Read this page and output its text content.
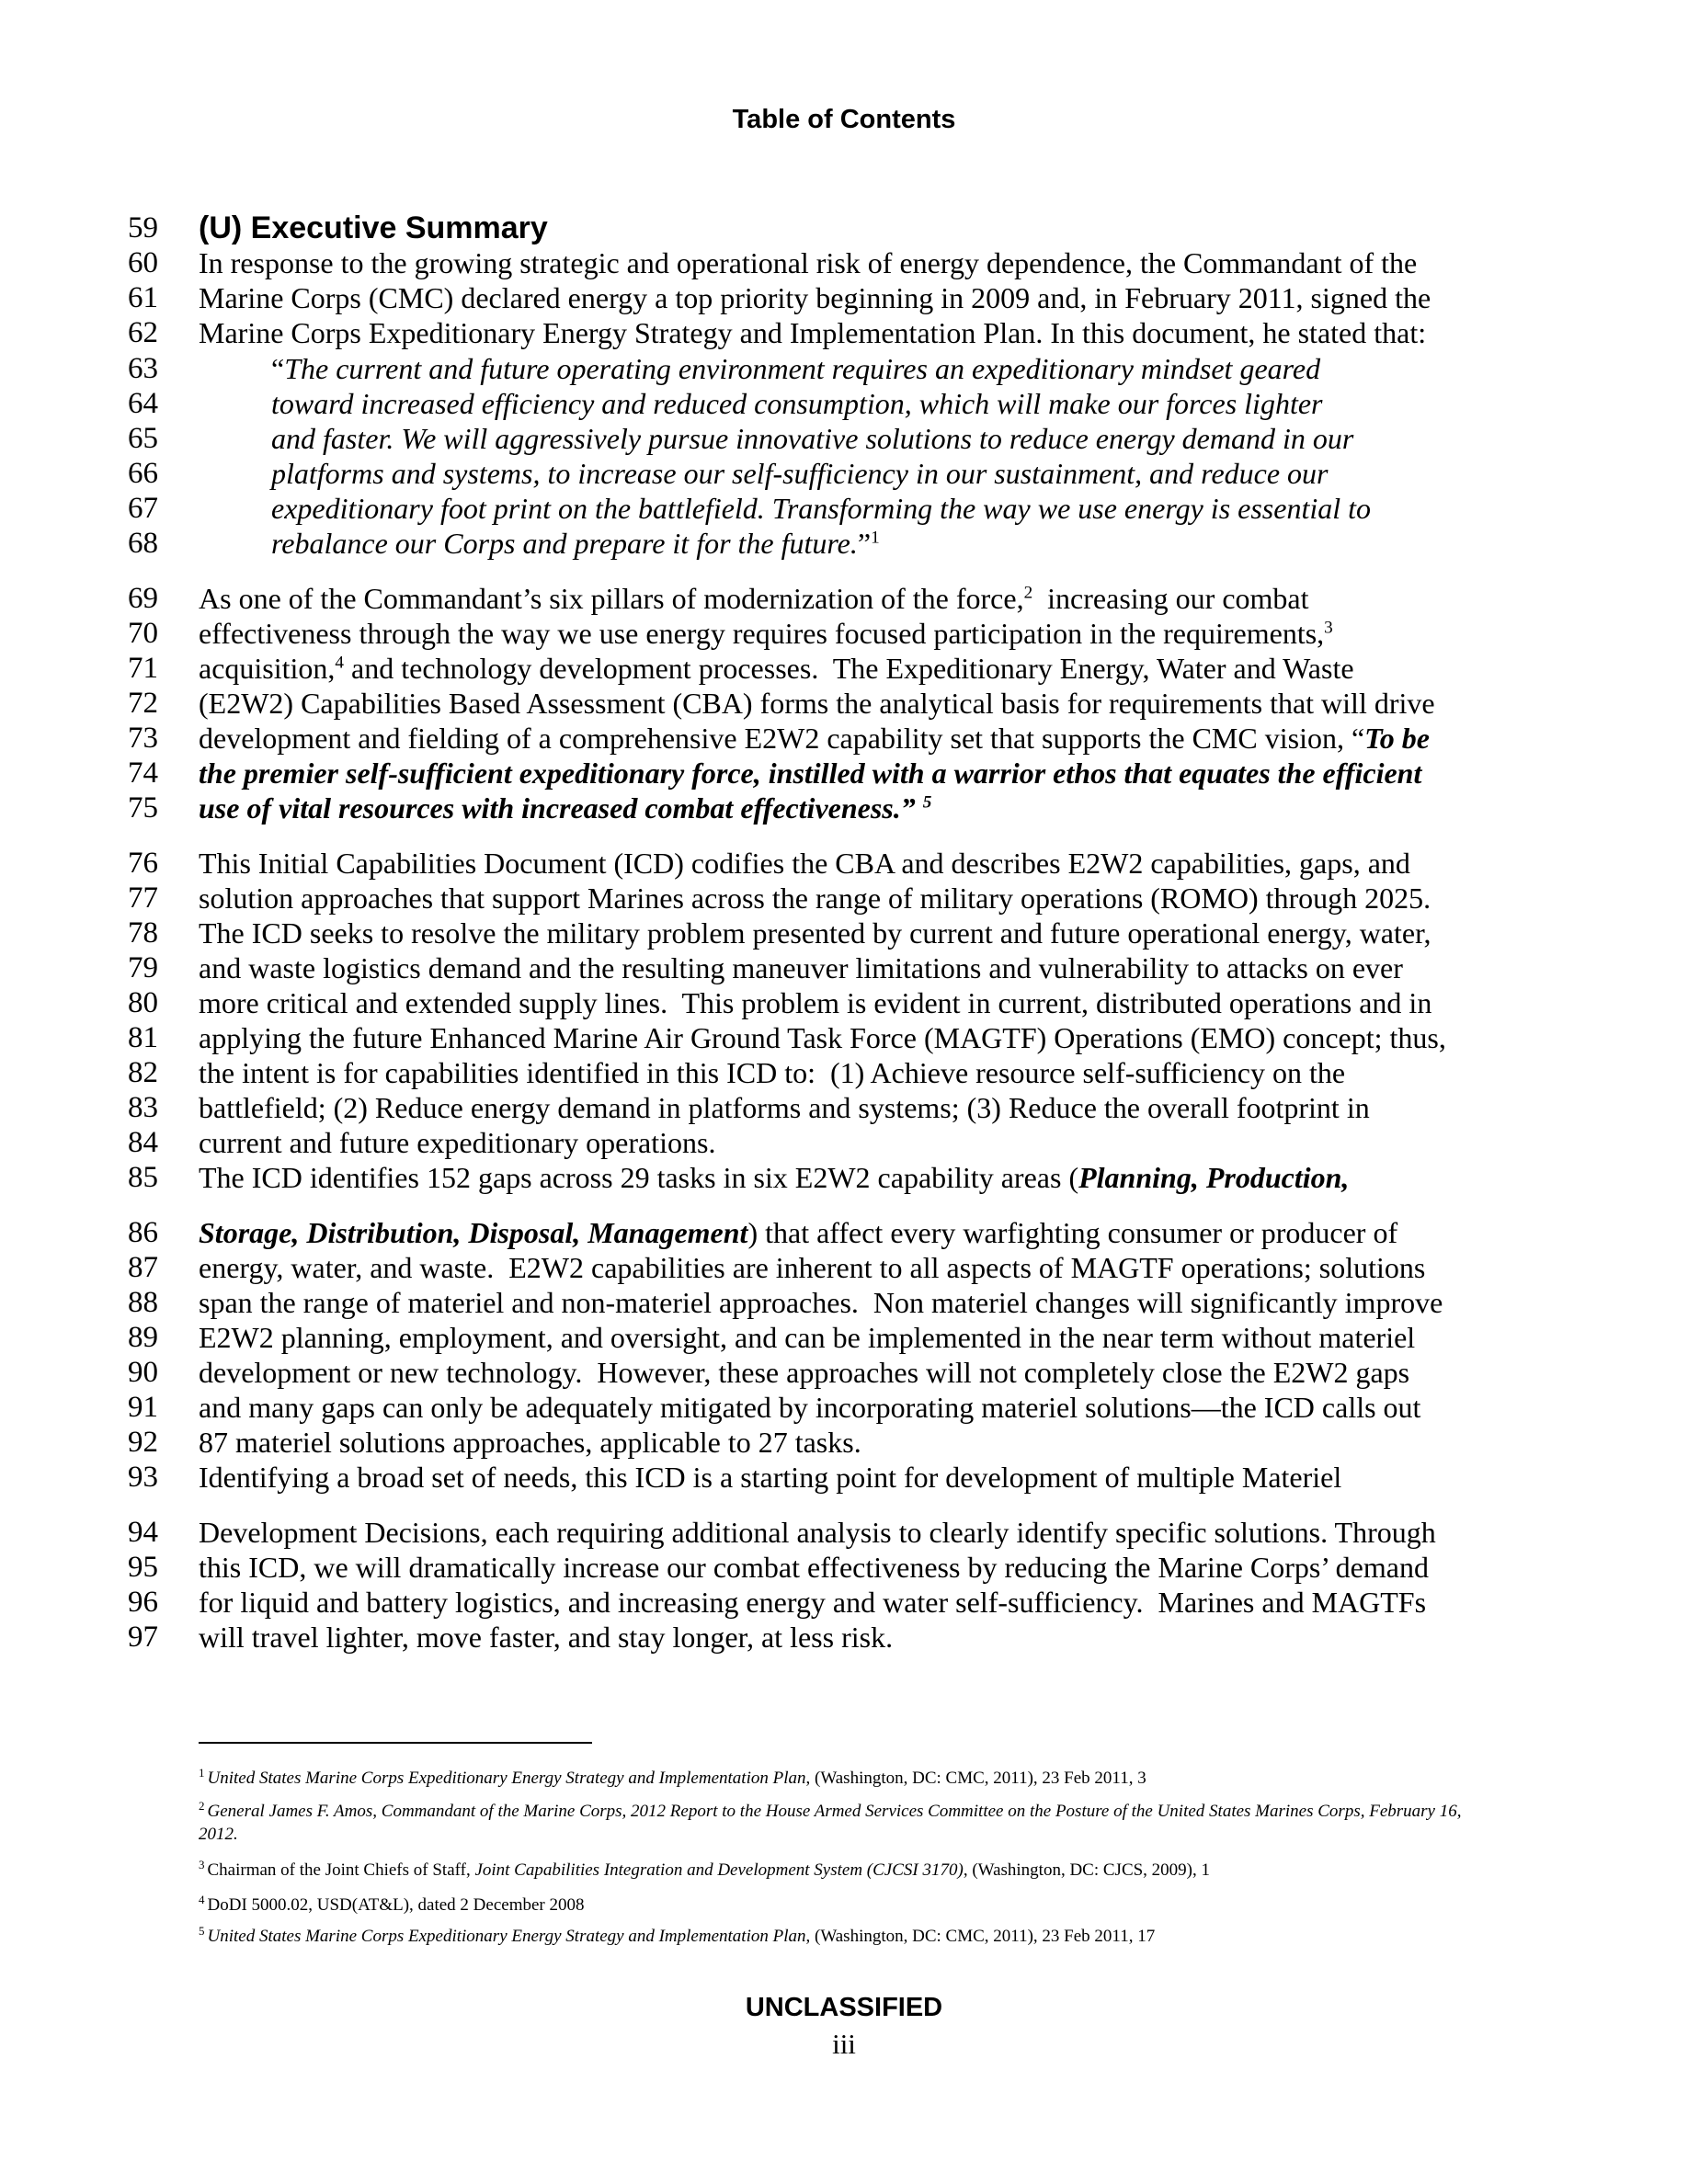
Table of Contents
59 (U) Executive Summary
60 In response to the growing strategic and operational risk of energy dependence, the Commandant of the
61 Marine Corps (CMC) declared energy a top priority beginning in 2009 and, in February 2011, signed the
62 Marine Corps Expeditionary Energy Strategy and Implementation Plan. In this document, he stated that:
63	“The current and future operating environment requires an expeditionary mindset geared
64	toward increased efficiency and reduced consumption, which will make our forces lighter
65	and faster. We will aggressively pursue innovative solutions to reduce energy demand in our
66	platforms and systems, to increase our self-sufficiency in our sustainment, and reduce our
67	expeditionary foot print on the battlefield. Transforming the way we use energy is essential to
68	rebalance our Corps and prepare it for the future.”$^1$
69 As one of the Commandant’s six pillars of modernization of the force,$^2$  increasing our combat
70 effectiveness through the way we use energy requires focused participation in the requirements,$^3$
71 acquisition,$^4$ and technology development processes.  The Expeditionary Energy, Water and Waste
72 (E2W2) Capabilities Based Assessment (CBA) forms the analytical basis for requirements that will drive
73 development and fielding of a comprehensive E2W2 capability set that supports the CMC vision, “To be
74 the premier self-sufficient expeditionary force, instilled with a warrior ethos that equates the efficient
75 use of vital resources with increased combat effectiveness.” $^5$
76 This Initial Capabilities Document (ICD) codifies the CBA and describes E2W2 capabilities, gaps, and
77 solution approaches that support Marines across the range of military operations (ROMO) through 2025.
78 The ICD seeks to resolve the military problem presented by current and future operational energy, water,
79 and waste logistics demand and the resulting maneuver limitations and vulnerability to attacks on ever
80 more critical and extended supply lines.  This problem is evident in current, distributed operations and in
81 applying the future Enhanced Marine Air Ground Task Force (MAGTF) Operations (EMO) concept; thus,
82 the intent is for capabilities identified in this ICD to:  (1) Achieve resource self-sufficiency on the
83 battlefield; (2) Reduce energy demand in platforms and systems; (3) Reduce the overall footprint in
84 current and future expeditionary operations.
85 The ICD identifies 152 gaps across 29 tasks in six E2W2 capability areas (Planning, Production,
86 Storage, Distribution, Disposal, Management) that affect every warfighting consumer or producer of
87 energy, water, and waste.  E2W2 capabilities are inherent to all aspects of MAGTF operations; solutions
88 span the range of materiel and non-materiel approaches.  Non materiel changes will significantly improve
89 E2W2 planning, employment, and oversight, and can be implemented in the near term without materiel
90 development or new technology.  However, these approaches will not completely close the E2W2 gaps
91 and many gaps can only be adequately mitigated by incorporating materiel solutions—the ICD calls out
92 87 materiel solutions approaches, applicable to 27 tasks.
93 Identifying a broad set of needs, this ICD is a starting point for development of multiple Materiel
94 Development Decisions, each requiring additional analysis to clearly identify specific solutions. Through
95 this ICD, we will dramatically increase our combat effectiveness by reducing the Marine Corps’ demand
96 for liquid and battery logistics, and increasing energy and water self-sufficiency.  Marines and MAGTFs
97 will travel lighter, move faster, and stay longer, at less risk.
$^1$ United States Marine Corps Expeditionary Energy Strategy and Implementation Plan, (Washington, DC: CMC, 2011), 23 Feb 2011, 3
$^2$ General James F. Amos, Commandant of the Marine Corps, 2012 Report to the House Armed Services Committee on the Posture of the United States Marines Corps, February 16, 2012.
$^3$ Chairman of the Joint Chiefs of Staff, Joint Capabilities Integration and Development System (CJCSI 3170), (Washington, DC: CJCS, 2009), 1
$^4$ DoDI 5000.02, USD(AT&L), dated 2 December 2008
$^5$ United States Marine Corps Expeditionary Energy Strategy and Implementation Plan, (Washington, DC: CMC, 2011), 23 Feb 2011, 17
UNCLASSIFIED
iii
